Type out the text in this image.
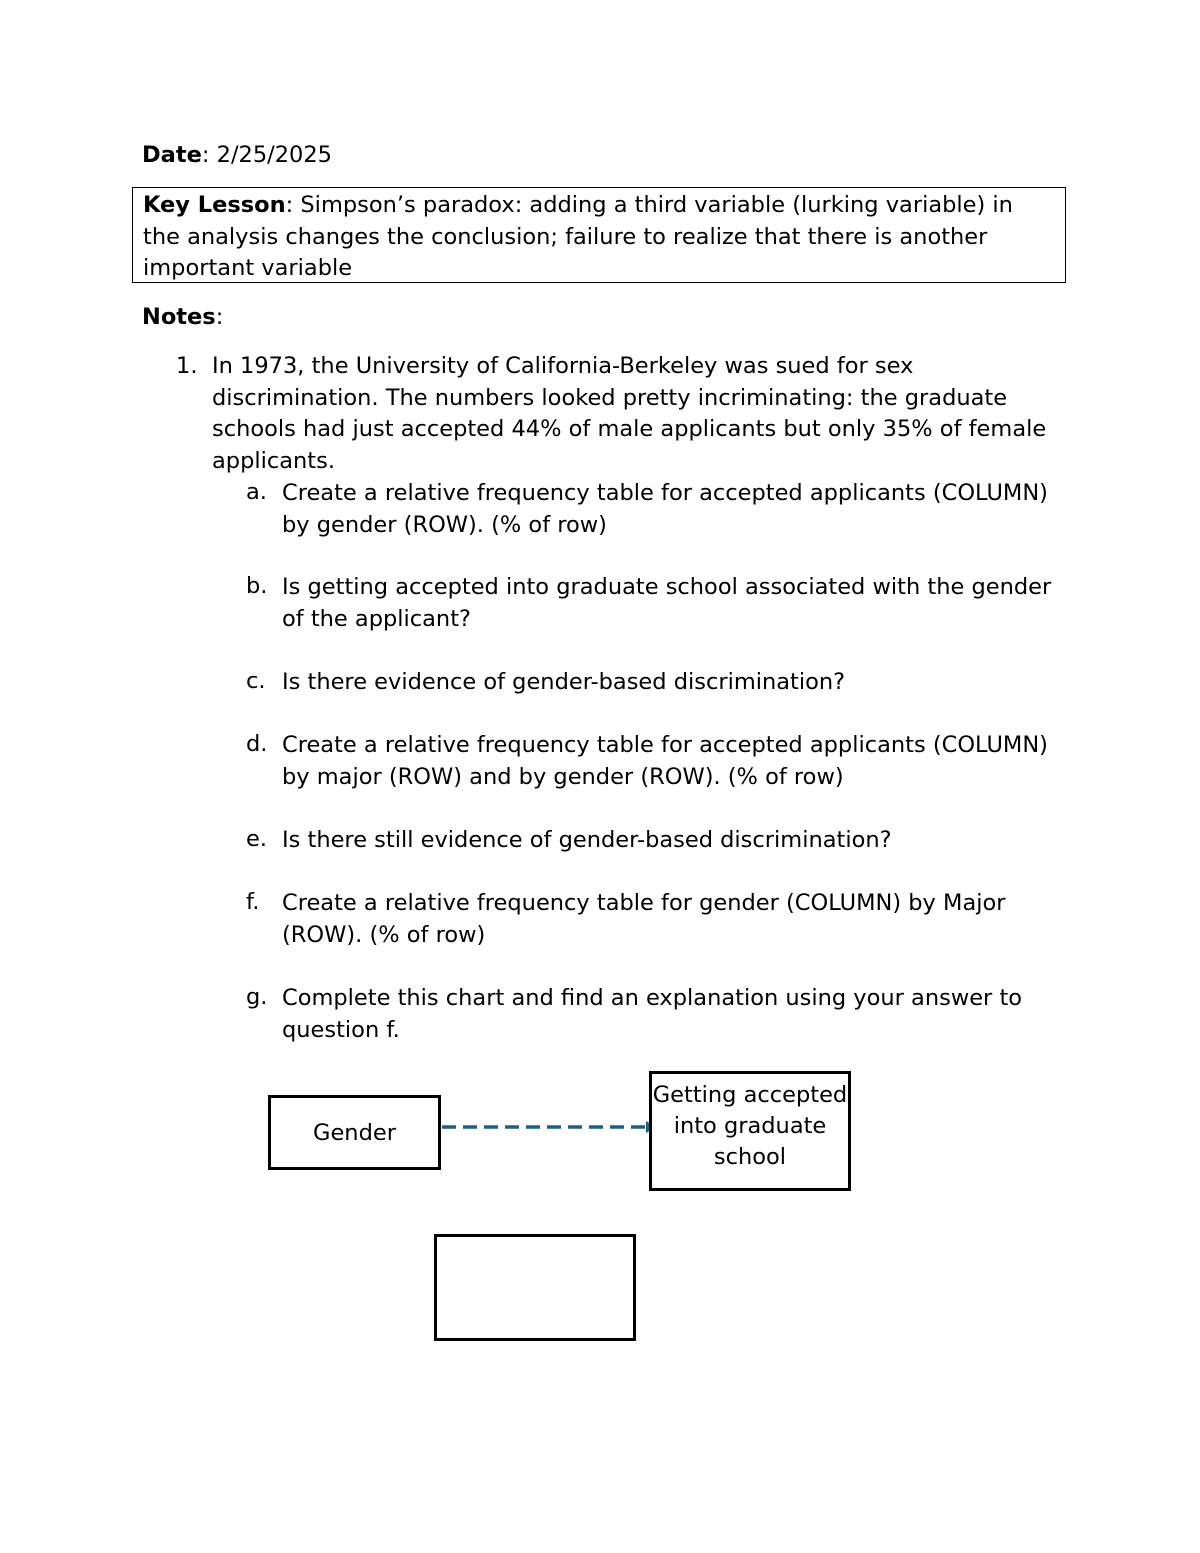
Date: 2/25/2025
Key Lesson: Simpson’s paradox: adding a third variable (lurking variable) in the analysis changes the conclusion; failure to realize that there is another important variable
Notes:
1. In 1973, the University of California-Berkeley was sued for sex discrimination. The numbers looked pretty incriminating: the graduate schools had just accepted 44% of male applicants but only 35% of female applicants.
a. Create a relative frequency table for accepted applicants (COLUMN) by gender (ROW). (% of row)
b. Is getting accepted into graduate school associated with the gender of the applicant?
c. Is there evidence of gender-based discrimination?
d. Create a relative frequency table for accepted applicants (COLUMN) by major (ROW) and by gender (ROW). (% of row)
e. Is there still evidence of gender-based discrimination?
f. Create a relative frequency table for gender (COLUMN) by Major (ROW). (% of row)
g. Complete this chart and find an explanation using your answer to question f.
Gender
Getting accepted into graduate school
